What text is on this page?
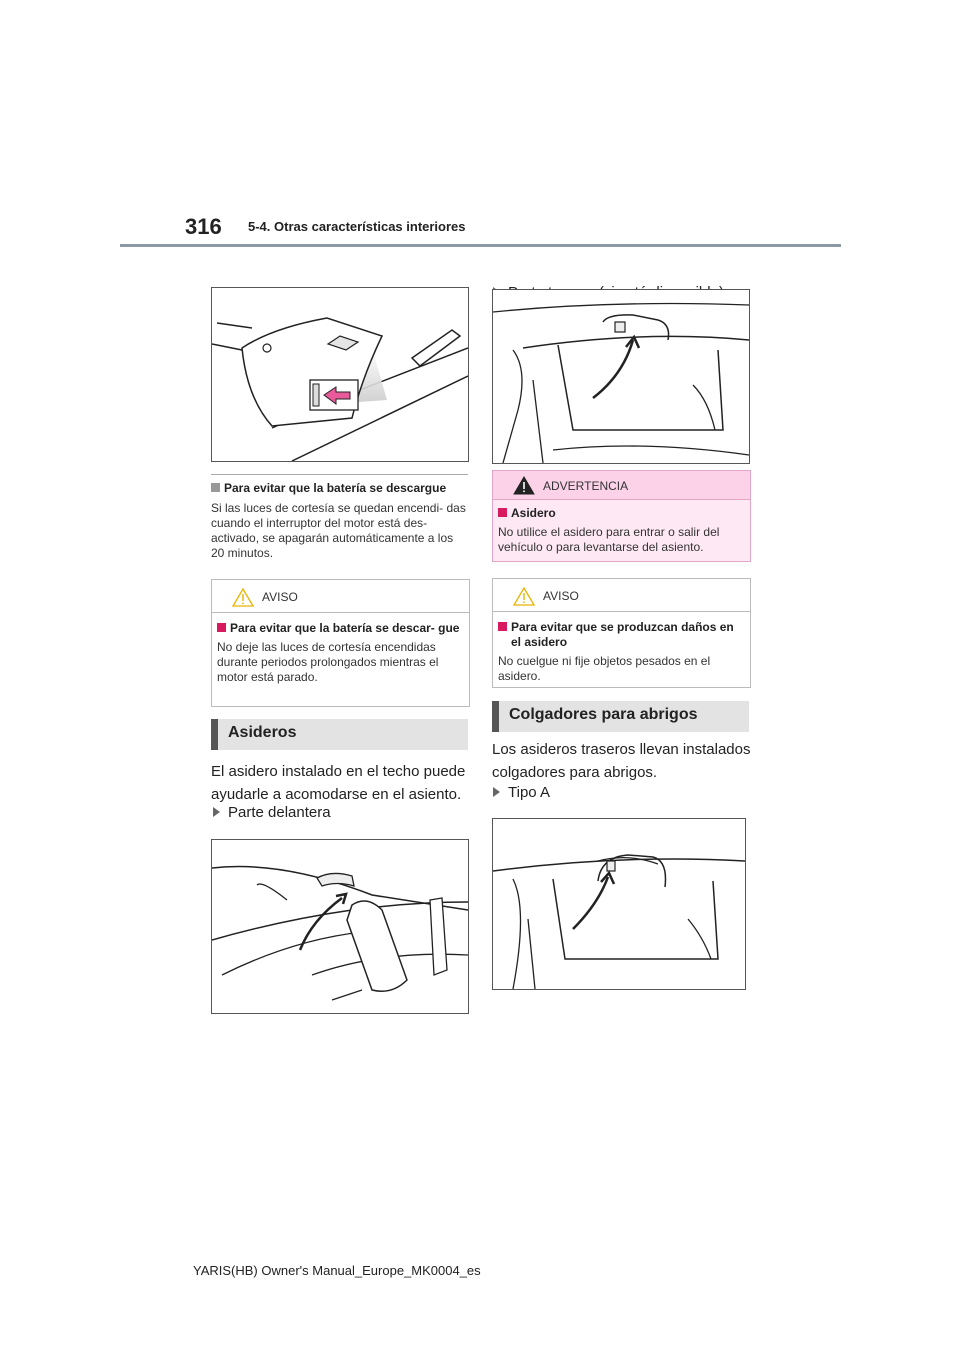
316 5-4. Otras características interiores
Para evitar que la batería se descargue
Si las luces de cortesía se quedan encendi- das cuando el interruptor del motor está des- activado, se apagarán automáticamente a los 20 minutos.
AVISO
Para evitar que la batería se descar- gue
No deje las luces de cortesía encendidas durante periodos prolongados mientras el motor está parado.
Asideros
El asidero instalado en el techo puede ayudarle a acomodarse en el asiento.
Parte delantera
ADVERTENCIA
Asidero
No utilice el asidero para entrar o salir del vehículo o para levantarse del asiento.
AVISO
Para evitar que se produzcan daños en el asidero
No cuelgue ni fije objetos pesados en el asidero.
Colgadores para abrigos
Los asideros traseros llevan instalados colgadores para abrigos.
Tipo A
YARIS(HB) Owner's Manual_Europe_MK0004_es
